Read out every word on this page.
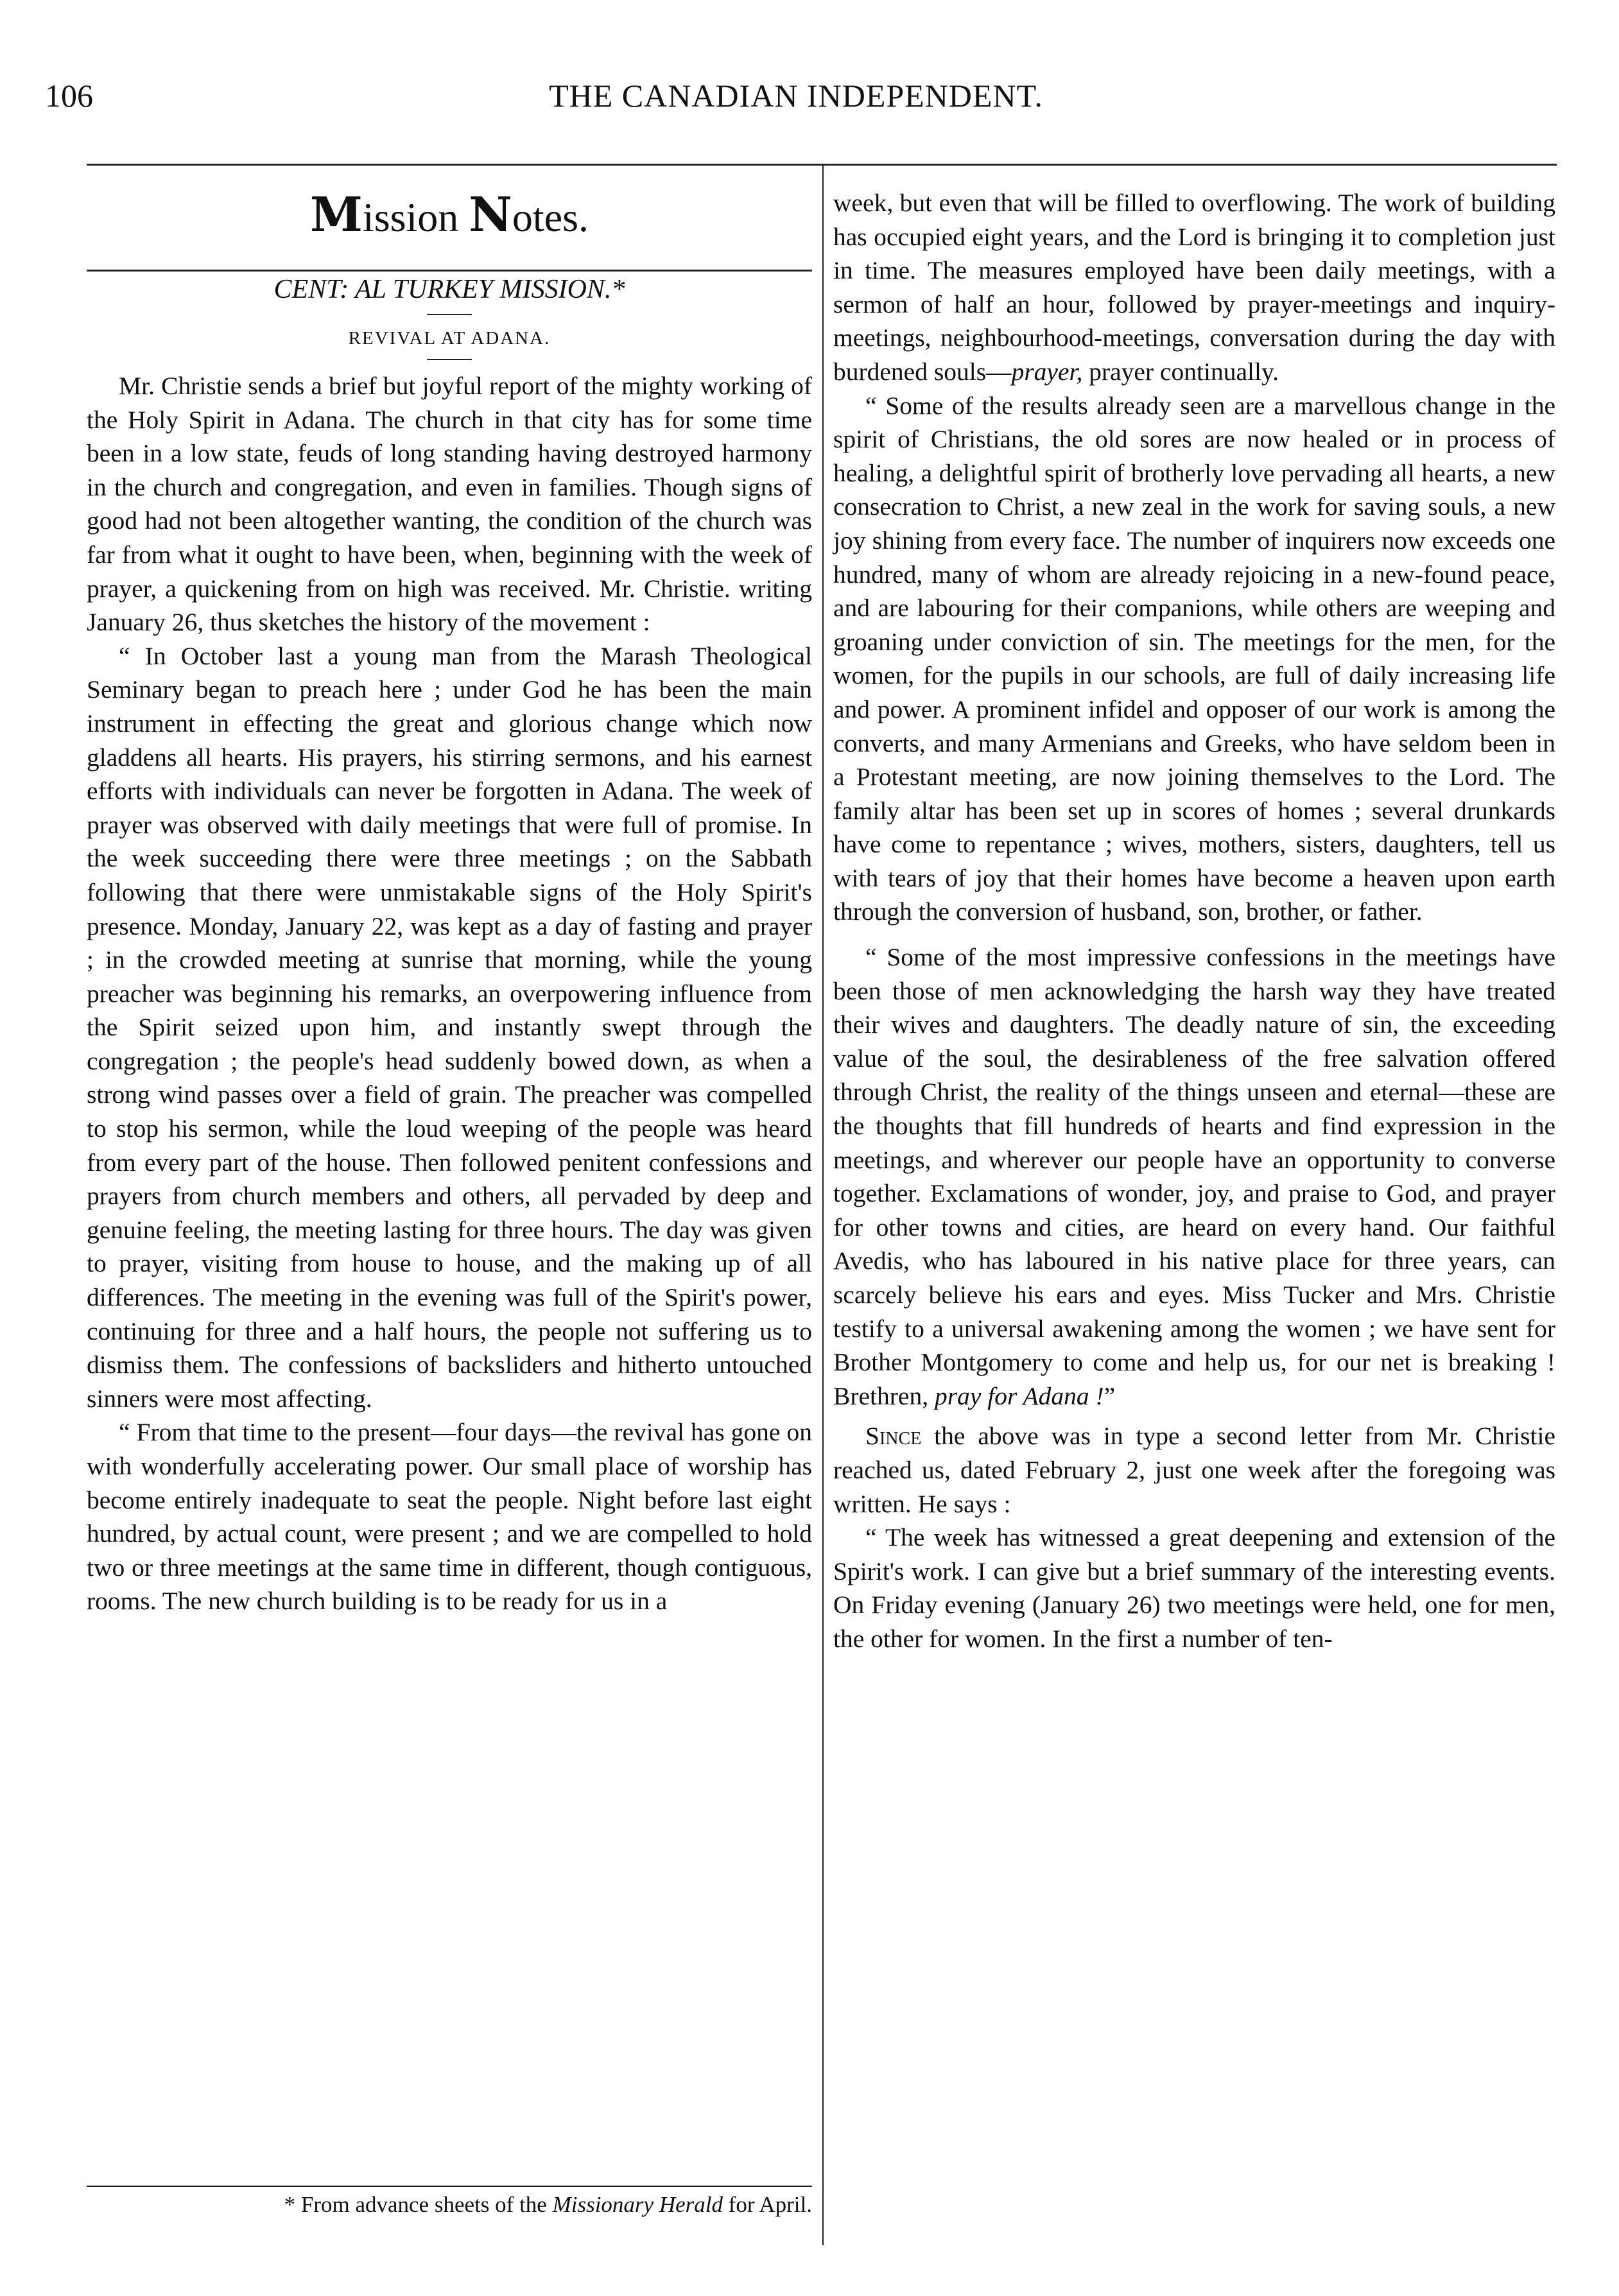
106	THE CANADIAN INDEPENDENT.
Mission Notes.
CENT: AL TURKEY MISSION.*
REVIVAL AT ADANA.

Mr. Christie sends a brief but joyful report of the mighty working of the Holy Spirit in Adana. The church in that city has for some time been in a low state, feuds of long standing having destroyed harmony in the church and congregation, and even in families. Though signs of good had not been altogether wanting, the condition of the church was far from what it ought to have been, when, beginning with the week of prayer, a quickening from on high was received. Mr. Christie. writing January 26, thus sketches the history of the movement :

“ In October last a young man from the Marash Theological Seminary began to preach here ; under God he has been the main instrument in effecting the great and glorious change which now gladdens all hearts. His prayers, his stirring sermons, and his earnest efforts with individuals can never be forgotten in Adana. The week of prayer was observed with daily meetings that were full of promise. In the week succeeding there were three meetings ; on the Sabbath following that there were unmistakable signs of the Holy Spirit's presence. Monday, January 22, was kept as a day of fasting and prayer ; in the crowded meeting at sunrise that morning, while the young preacher was beginning his remarks, an overpowering influence from the Spirit seized upon him, and instantly swept through the congregation ; the people's head suddenly bowed down, as when a strong wind passes over a field of grain. The preacher was compelled to stop his sermon, while the loud weeping of the people was heard from every part of the house. Then followed penitent confessions and prayers from church members and others, all pervaded by deep and genuine feeling, the meeting lasting for three hours. The day was given to prayer, visiting from house to house, and the making up of all differences. The meeting in the evening was full of the Spirit's power, continuing for three and a half hours, the people not suffering us to dismiss them. The confessions of backsliders and hitherto untouched sinners were most affecting.

“ From that time to the present—four days—the revival has gone on with wonderfully accelerating power. Our small place of worship has become entirely inadequate to seat the people. Night before last eight hundred, by actual count, were present ; and we are compelled to hold two or three meetings at the same time in different, though contiguous, rooms. The new church building is to be ready for us in a

* From advance sheets of the Missionary Herald for April.

week, but even that will be filled to overflowing. The work of building has occupied eight years, and the Lord is bringing it to completion just in time. The measures employed have been daily meetings, with a sermon of half an hour, followed by prayer-meetings and inquiry-meetings, neighbourhood-meetings, conversation during the day with burdened souls—prayer, prayer continually.

“ Some of the results already seen are a marvellous change in the spirit of Christians, the old sores are now healed or in process of healing, a delightful spirit of brotherly love pervading all hearts, a new consecration to Christ, a new zeal in the work for saving souls, a new joy shining from every face. The number of inquirers now exceeds one hundred, many of whom are already rejoicing in a new-found peace, and are labouring for their companions, while others are weeping and groaning under conviction of sin. The meetings for the men, for the women, for the pupils in our schools, are full of daily increasing life and power. A prominent infidel and opposer of our work is among the converts, and many Armenians and Greeks, who have seldom been in a Protestant meeting, are now joining themselves to the Lord. The family altar has been set up in scores of homes ; several drunkards have come to repentance ; wives, mothers, sisters, daughters, tell us with tears of joy that their homes have become a heaven upon earth through the conversion of husband, son, brother, or father.

“ Some of the most impressive confessions in the meetings have been those of men acknowledging the harsh way they have treated their wives and daughters. The deadly nature of sin, the exceeding value of the soul, the desirableness of the free salvation offered through Christ, the reality of the things unseen and eternal—these are the thoughts that fill hundreds of hearts and find expression in the meetings, and wherever our people have an opportunity to converse together. Exclamations of wonder, joy, and praise to God, and prayer for other towns and cities, are heard on every hand. Our faithful Avedis, who has laboured in his native place for three years, can scarcely believe his ears and eyes. Miss Tucker and Mrs. Christie testify to a universal awakening among the women ; we have sent for Brother Montgomery to come and help us, for our net is breaking ! Brethren, pray for Adana !”

Since the above was in type a second letter from Mr. Christie reached us, dated February 2, just one week after the foregoing was written. He says :

“ The week has witnessed a great deepening and extension of the Spirit's work. I can give but a brief summary of the interesting events. On Friday evening (January 26) two meetings were held, one for men, the other for women. In the first a number of ten-
